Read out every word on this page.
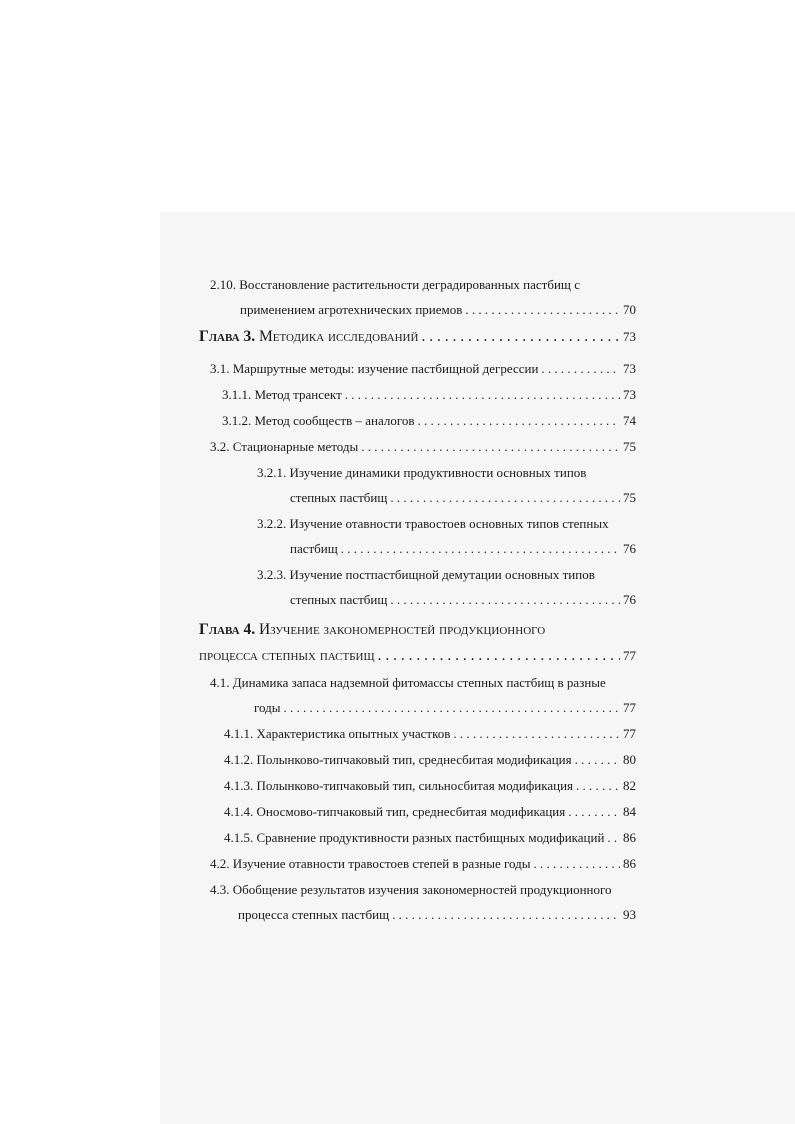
2.10. Восстановление растительности деградированных пастбищ с
применением агротехнических приемов . . .	70
Глава 3. Методика исследований . . .	73
3.1. Маршрутные методы: изучение пастбищной дегрессии . . .	73
3.1.1. Метод трансект . . .	73
3.1.2. Метод сообществ – аналогов . . .	74
3.2. Стационарные методы . . .	75
3.2.1. Изучение динамики продуктивности основных типов
степных пастбищ . . .	75
3.2.2. Изучение отавности травостоев основных типов степных
пастбищ . . .	76
3.2.3. Изучение постпастбищной демутации основных типов
степных пастбищ . . .	76
Глава 4. Изучение закономерностей продукционного
процесса степных пастбищ . . .	77
4.1. Динамика запаса надземной фитомассы степных пастбищ в разные
годы . . .	77
4.1.1. Характеристика опытных участков . . .	77
4.1.2. Полынково-типчаковый тип, среднесбитая модификация . . .	80
4.1.3. Полынково-типчаковый тип, сильносбитая модификация . . .	82
4.1.4. Оносмово-типчаковый тип, среднесбитая модификация . . .	84
4.1.5. Сравнение продуктивности разных пастбищных модификаций . . . 86
4.2. Изучение отавности травостоев степей в разные годы . . .	86
4.3. Обобщение результатов изучения закономерностей продукционного
процесса степных пастбищ . . .	93
